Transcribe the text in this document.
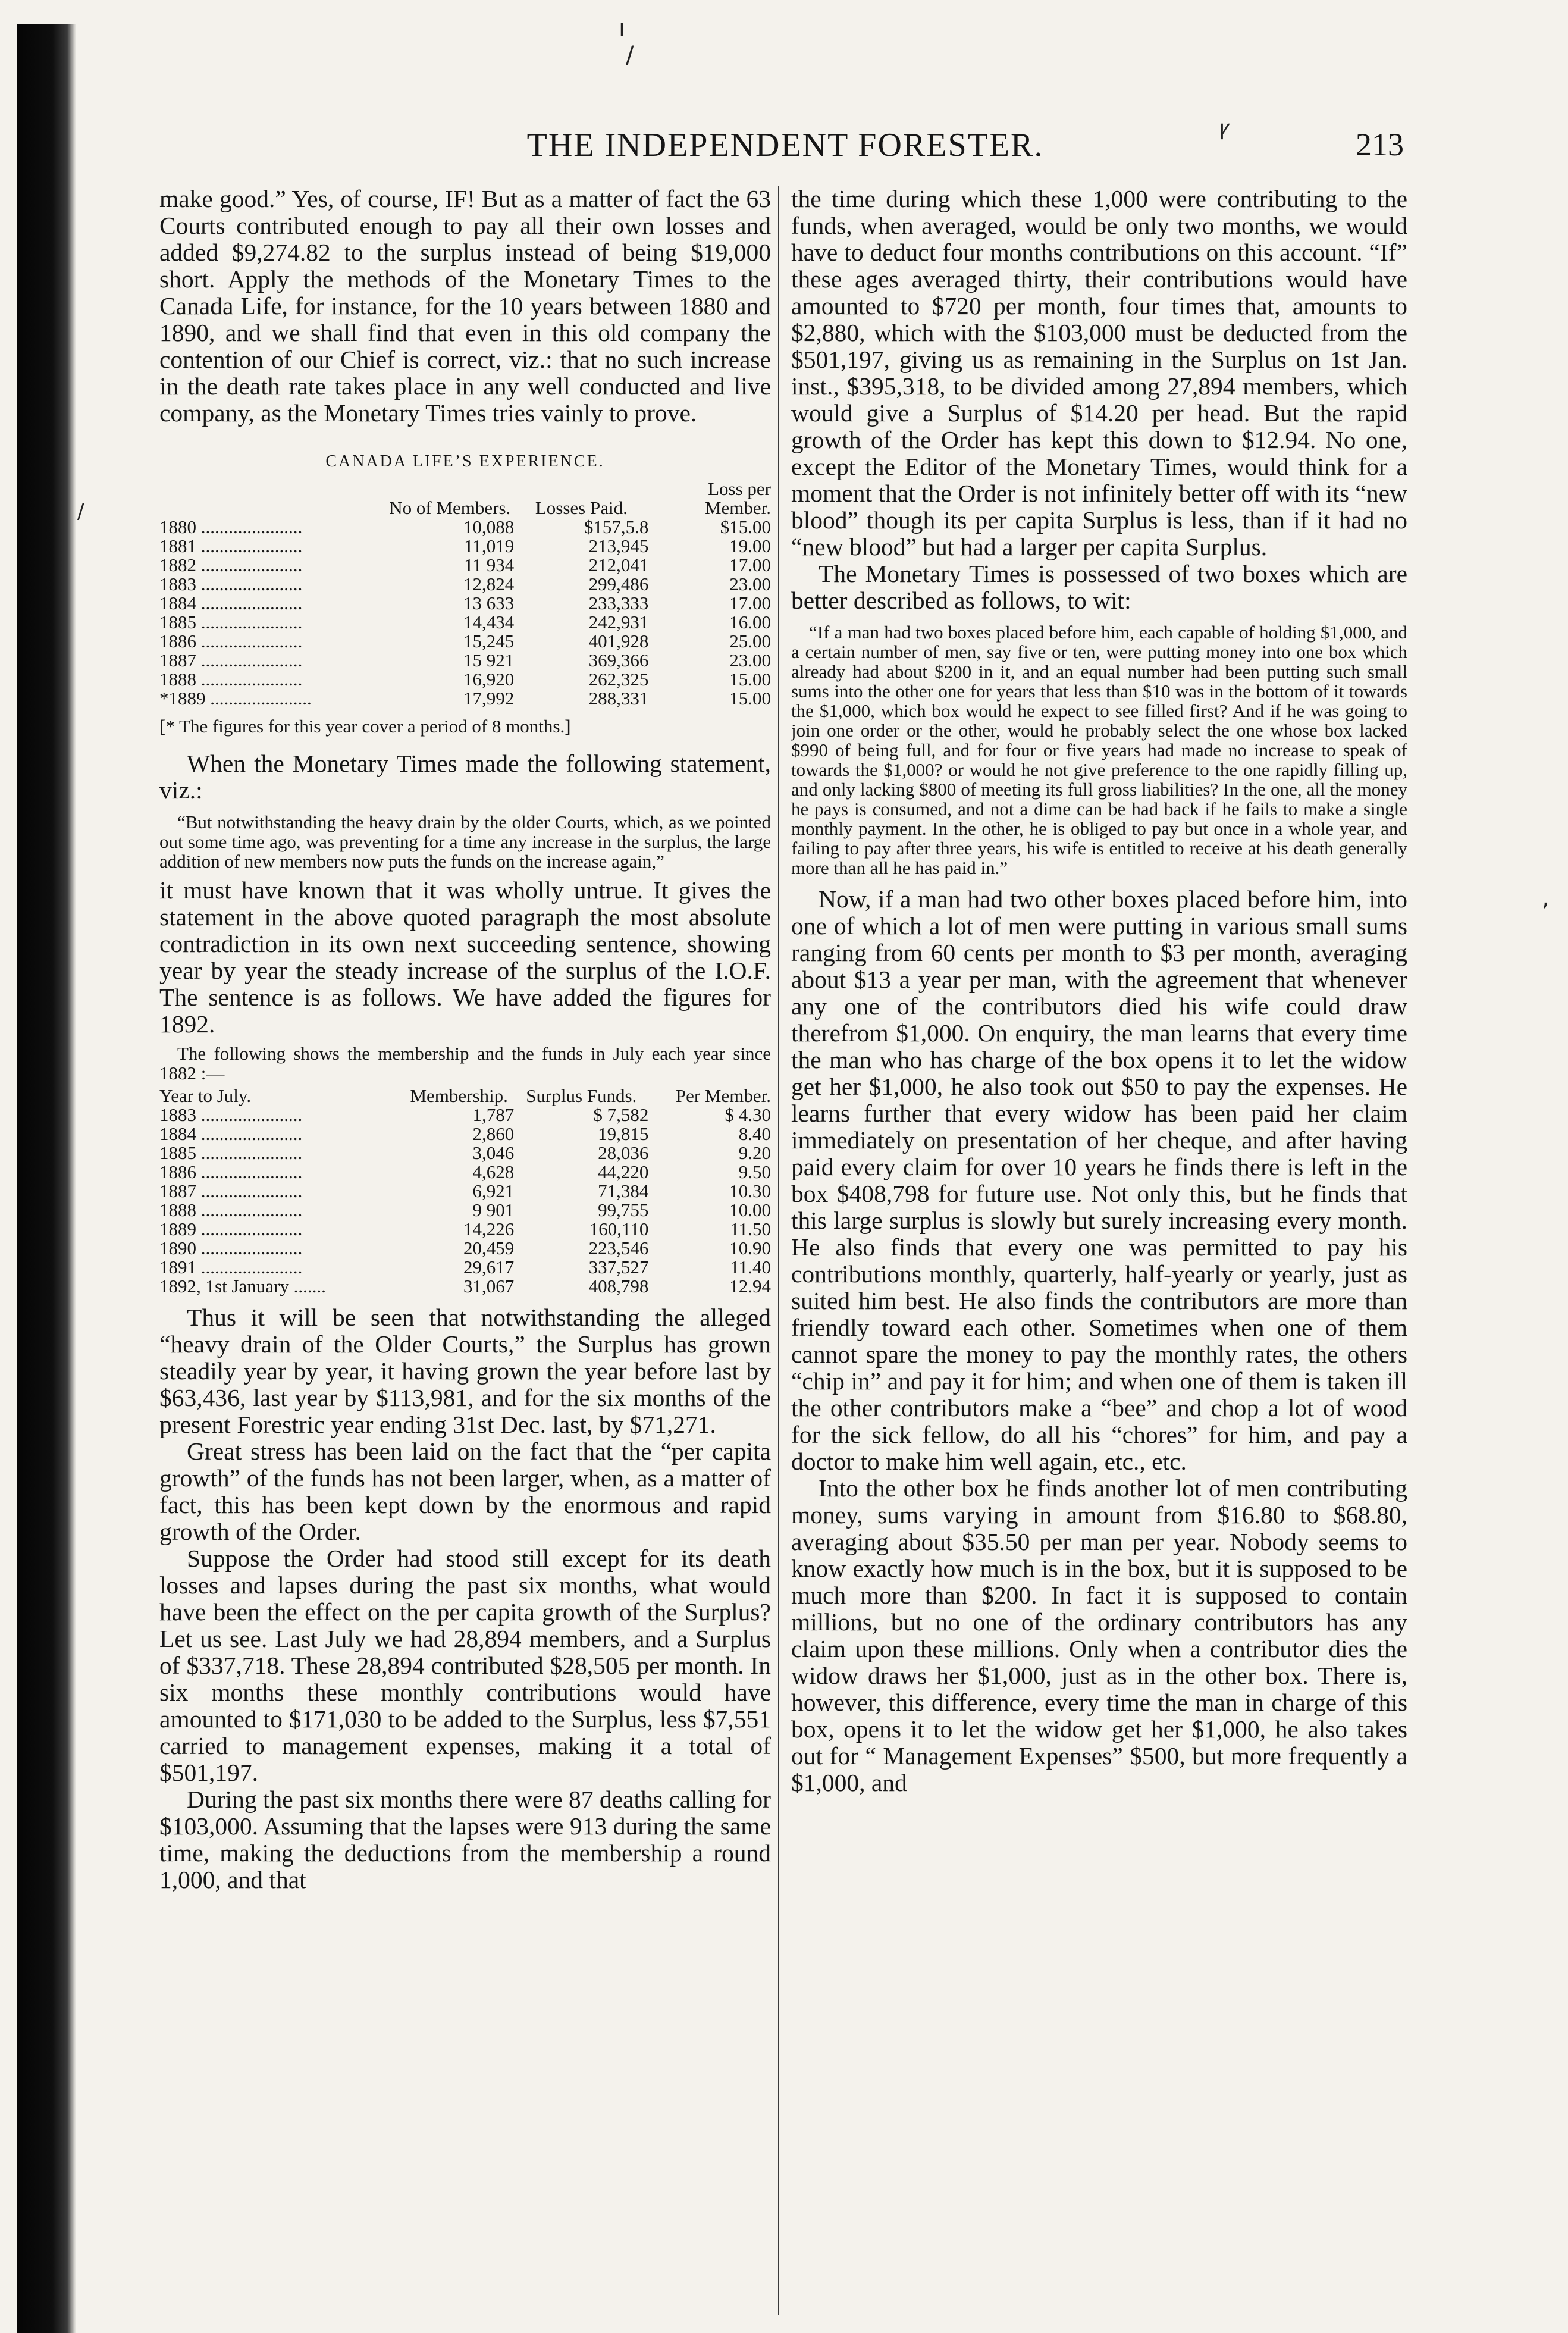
ı
/
ꝩ
,
/
THE INDEPENDENT FORESTER.	213

make good.” Yes, of course, IF! But as a matter of fact the 63 Courts contributed enough to pay all their own losses and added $9,274.82 to the surplus instead of being $19,000 short. Apply the methods of the Monetary Times to the Canada Life, for instance, for the 10 years between 1880 and 1890, and we shall find that even in this old company the contention of our Chief is correct, viz.: that no such increase in the death rate takes place in any well conducted and live company, as the Monetary Times tries vainly to prove.

CANADA LIFE’S EXPERIENCE.
	No of Members.	Losses Paid.	Loss per Member.
1880 ......................	10,088	$157,5.8	$15.00
1881 ......................	11,019	213,945	19.00
1882 ......................	11 934	212,041	17.00
1883 ......................	12,824	299,486	23.00
1884 ......................	13 633	233,333	17.00
1885 ......................	14,434	242,931	16.00
1886 ......................	15,245	401,928	25.00
1887 ......................	15 921	369,366	23.00
1888 ......................	16,920	262,325	15.00
*1889 ......................	17,992	288,331	15.00
[* The figures for this year cover a period of 8 months.]

When the Monetary Times made the following statement, viz.:

“But notwithstanding the heavy drain by the older Courts, which, as we pointed out some time ago, was preventing for a time any increase in the surplus, the large addition of new members now puts the funds on the increase again,”

it must have known that it was wholly untrue. It gives the statement in the above quoted paragraph the most absolute contradiction in its own next succeeding sentence, showing year by year the steady increase of the surplus of the I.O.F. The sentence is as follows. We have added the figures for 1892.

The following shows the membership and the funds in July each year since 1882 :—
Year to July.	Membership.	Surplus Funds.	Per Member.
1883 ......................	1,787	$ 7,582	$ 4.30
1884 ......................	2,860	19,815	8.40
1885 ......................	3,046	28,036	9.20
1886 ......................	4,628	44,220	9.50
1887 ......................	6,921	71,384	10.30
1888 ......................	9 901	99,755	10.00
1889 ......................	14,226	160,110	11.50
1890 ......................	20,459	223,546	10.90
1891 ......................	29,617	337,527	11.40
1892, 1st January .......	31,067	408,798	12.94

Thus it will be seen that notwithstanding the alleged “heavy drain of the Older Courts,” the Surplus has grown steadily year by year, it having grown the year before last by $63,436, last year by $113,981, and for the six months of the present Forestric year ending 31st Dec. last, by $71,271.

Great stress has been laid on the fact that the “per capita growth” of the funds has not been larger, when, as a matter of fact, this has been kept down by the enormous and rapid growth of the Order.

Suppose the Order had stood still except for its death losses and lapses during the past six months, what would have been the effect on the per capita growth of the Surplus? Let us see. Last July we had 28,894 members, and a Surplus of $337,718. These 28,894 contributed $28,505 per month. In six months these monthly contributions would have amounted to $171,030 to be added to the Surplus, less $7,551 carried to management expenses, making it a total of $501,197.

During the past six months there were 87 deaths calling for $103,000. Assuming that the lapses were 913 during the same time, making the deductions from the membership a round 1,000, and that

the time during which these 1,000 were contributing to the funds, when averaged, would be only two months, we would have to deduct four months contributions on this account. “If” these ages averaged thirty, their contributions would have amounted to $720 per month, four times that, amounts to $2,880, which with the $103,000 must be deducted from the $501,197, giving us as remaining in the Surplus on 1st Jan. inst., $395,318, to be divided among 27,894 members, which would give a Surplus of $14.20 per head. But the rapid growth of the Order has kept this down to $12.94. No one, except the Editor of the Monetary Times, would think for a moment that the Order is not infinitely better off with its “new blood” though its per capita Surplus is less, than if it had no “new blood” but had a larger per capita Surplus.

The Monetary Times is possessed of two boxes which are better described as follows, to wit:

“If a man had two boxes placed before him, each capable of holding $1,000, and a certain number of men, say five or ten, were putting money into one box which already had about $200 in it, and an equal number had been putting such small sums into the other one for years that less than $10 was in the bottom of it towards the $1,000, which box would he expect to see filled first? And if he was going to join one order or the other, would he probably select the one whose box lacked $990 of being full, and for four or five years had made no increase to speak of towards the $1,000? or would he not give preference to the one rapidly filling up, and only lacking $800 of meeting its full gross liabilities? In the one, all the money he pays is consumed, and not a dime can be had back if he fails to make a single monthly payment. In the other, he is obliged to pay but once in a whole year, and failing to pay after three years, his wife is entitled to receive at his death generally more than all he has paid in.”

Now, if a man had two other boxes placed before him, into one of which a lot of men were putting in various small sums ranging from 60 cents per month to $3 per month, averaging about $13 a year per man, with the agreement that whenever any one of the contributors died his wife could draw therefrom $1,000. On enquiry, the man learns that every time the man who has charge of the box opens it to let the widow get her $1,000, he also took out $50 to pay the expenses. He learns further that every widow has been paid her claim immediately on presentation of her cheque, and after having paid every claim for over 10 years he finds there is left in the box $408,798 for future use. Not only this, but he finds that this large surplus is slowly but surely increasing every month. He also finds that every one was permitted to pay his contributions monthly, quarterly, half-yearly or yearly, just as suited him best. He also finds the contributors are more than friendly toward each other. Sometimes when one of them cannot spare the money to pay the monthly rates, the others “chip in” and pay it for him; and when one of them is taken ill the other contributors make a “bee” and chop a lot of wood for the sick fellow, do all his “chores” for him, and pay a doctor to make him well again, etc., etc.

Into the other box he finds another lot of men contributing money, sums varying in amount from $16.80 to $68.80, averaging about $35.50 per man per year. Nobody seems to know exactly how much is in the box, but it is supposed to be much more than $200. In fact it is supposed to contain millions, but no one of the ordinary contributors has any claim upon these millions. Only when a contributor dies the widow draws her $1,000, just as in the other box. There is, however, this difference, every time the man in charge of this box, opens it to let the widow get her $1,000, he also takes out for “ Management Expenses” $500, but more frequently a $1,000, and
